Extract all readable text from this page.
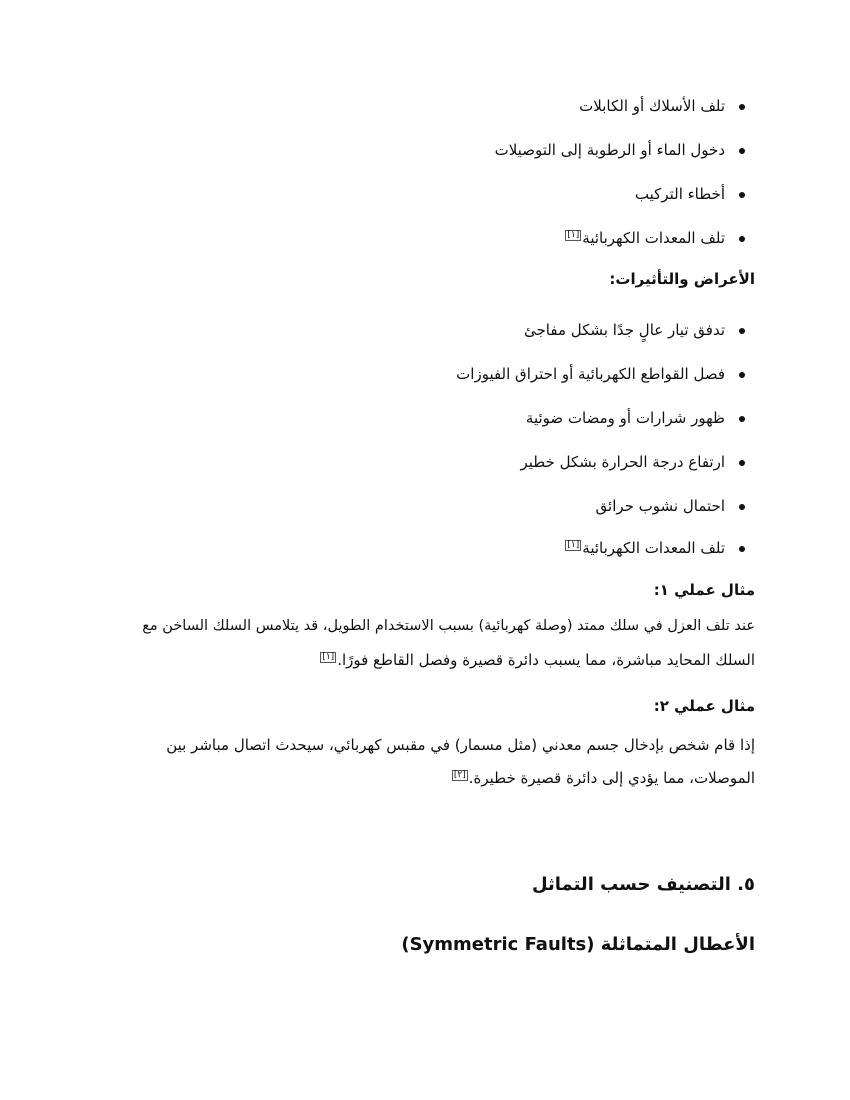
تلف الأسلاك أو الكابلات
دخول الماء أو الرطوبة إلى التوصيلات
أخطاء التركيب
تلف المعدات الكهربائية[١]
الأعراض والتأثيرات:
تدفق تيار عالٍ جدًا بشكل مفاجئ
فصل القواطع الكهربائية أو احتراق الفيوزات
ظهور شرارات أو ومضات ضوئية
ارتفاع درجة الحرارة بشكل خطير
احتمال نشوب حرائق
تلف المعدات الكهربائية[١]
مثال عملي ١:
عند تلف العزل في سلك ممتد (وصلة كهربائية) بسبب الاستخدام الطويل، قد يتلامس السلك الساخن مع
السلك المحايد مباشرة، مما يسبب دائرة قصيرة وفصل القاطع فورًا.[١]
مثال عملي ٢:
إذا قام شخص بإدخال جسم معدني (مثل مسمار) في مقبس كهربائي، سيحدث اتصال مباشر بين
الموصلات، مما يؤدي إلى دائرة قصيرة خطيرة.[٢]
٥. التصنيف حسب التماثل
الأعطال المتماثلة (Symmetric Faults)
